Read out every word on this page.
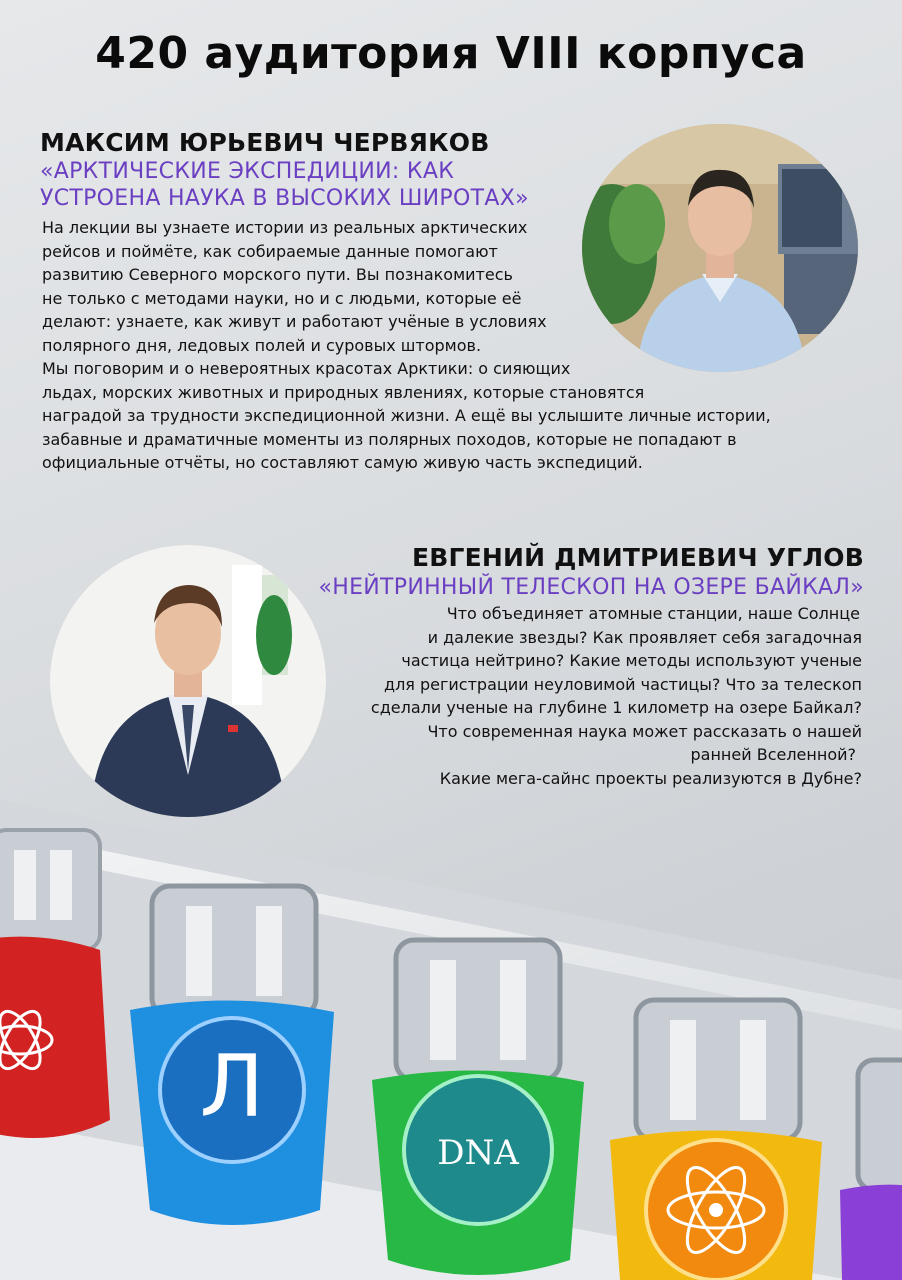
420 аудитория VIII корпуса
МАКСИМ ЮРЬЕВИЧ ЧЕРВЯКОВ
«АРКТИЧЕСКИЕ ЭКСПЕДИЦИИ: КАК
УСТРОЕНА НАУКА В ВЫСОКИХ ШИРОТАХ»
На лекции вы узнаете истории из реальных арктических
рейсов и поймёте, как собираемые данные помогают
развитию Северного морского пути. Вы познакомитесь
не только с методами науки, но и с людьми, которые её
делают: узнаете, как живут и работают учёные в условиях
полярного дня, ледовых полей и суровых штормов.
Мы поговорим и о невероятных красотах Арктики: о сияющих
льдах, морских животных и природных явлениях, которые становятся
наградой за трудности экспедиционной жизни. А ещё вы услышите личные истории,
забавные и драматичные моменты из полярных походов, которые не попадают в
официальные отчёты, но составляют самую живую часть экспедиций.
ЕВГЕНИЙ ДМИТРИЕВИЧ УГЛОВ
«НЕЙТРИННЫЙ ТЕЛЕСКОП НА ОЗЕРЕ БАЙКАЛ»
Что объединяет атомные станции, наше Солнце
и далекие звезды? Как проявляет себя загадочная
частица нейтрино? Какие методы используют ученые
для регистрации неуловимой частицы? Что за телескоп
сделали ученые на глубине 1 километр на озере Байкал?
Что современная наука может рассказать о нашей
ранней Вселенной?
Какие мега-сайнс проекты реализуются в Дубне?
Л
DNA
